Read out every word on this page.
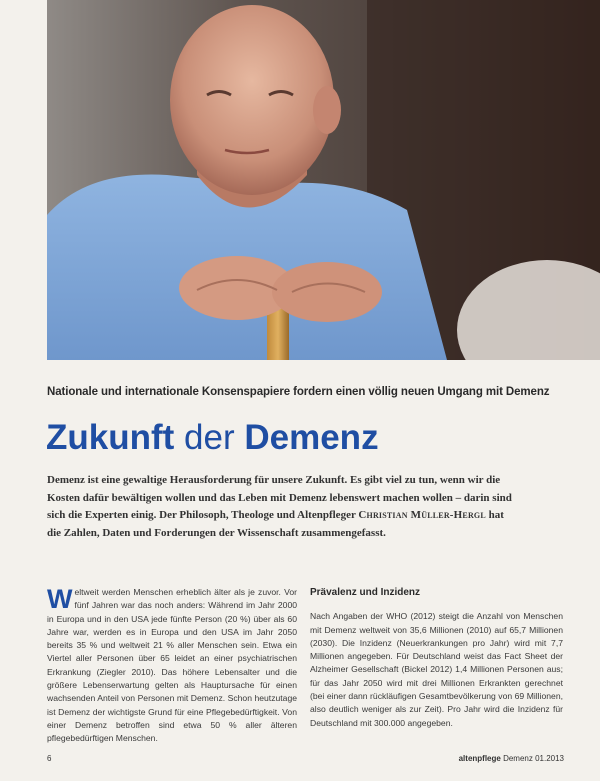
Nationale und internationale Konsenspapiere fordern einen völlig neuen Umgang mit Demenz
Zukunft der Demenz
Demenz ist eine gewaltige Herausforderung für unsere Zukunft. Es gibt viel zu tun, wenn wir die Kosten dafür bewältigen wollen und das Leben mit Demenz lebenswert machen wollen – darin sind sich die Experten einig. Der Philosoph, Theologe und Altenpfleger Christian Müller-Hergl hat die Zahlen, Daten und Forderungen der Wissenschaft zusammengefasst.
Weltweit werden Menschen erheblich älter als je zuvor. Vor fünf Jahren war das noch anders: Während im Jahr 2000 in Europa und in den USA jede fünfte Person (20 %) über als 60 Jahre war, werden es in Europa und den USA im Jahr 2050 bereits 35 % und weltweit 21 % aller Menschen sein. Etwa ein Viertel aller Personen über 65 leidet an einer psychiatrischen Erkrankung (Ziegler 2010). Das höhere Lebensalter und die größere Lebenserwartung gelten als Hauptursache für einen wachsenden Anteil von Personen mit Demenz. Schon heutzutage ist Demenz der wichtigste Grund für eine Pflegebedürftigkeit. Von einer Demenz betroffen sind etwa 50 % aller älteren pflegebedürftigen Menschen.
Prävalenz und Inzidenz

Nach Angaben der WHO (2012) steigt die Anzahl von Menschen mit Demenz weltweit von 35,6 Millionen (2010) auf 65,7 Millionen (2030). Die Inzidenz (Neuerkrankungen pro Jahr) wird mit 7,7 Millionen angegeben. Für Deutschland weist das Fact Sheet der Alzheimer Gesellschaft (Bickel 2012) 1,4 Millionen Personen aus; für das Jahr 2050 wird mit drei Millionen Erkrankten gerechnet (bei einer dann rückläufigen Gesamtbevölkerung von 69 Millionen, also deutlich weniger als zur Zeit). Pro Jahr wird die Inzidenz für Deutschland mit 300.000 angegeben.

6	altenpflege Demenz 01.2013
